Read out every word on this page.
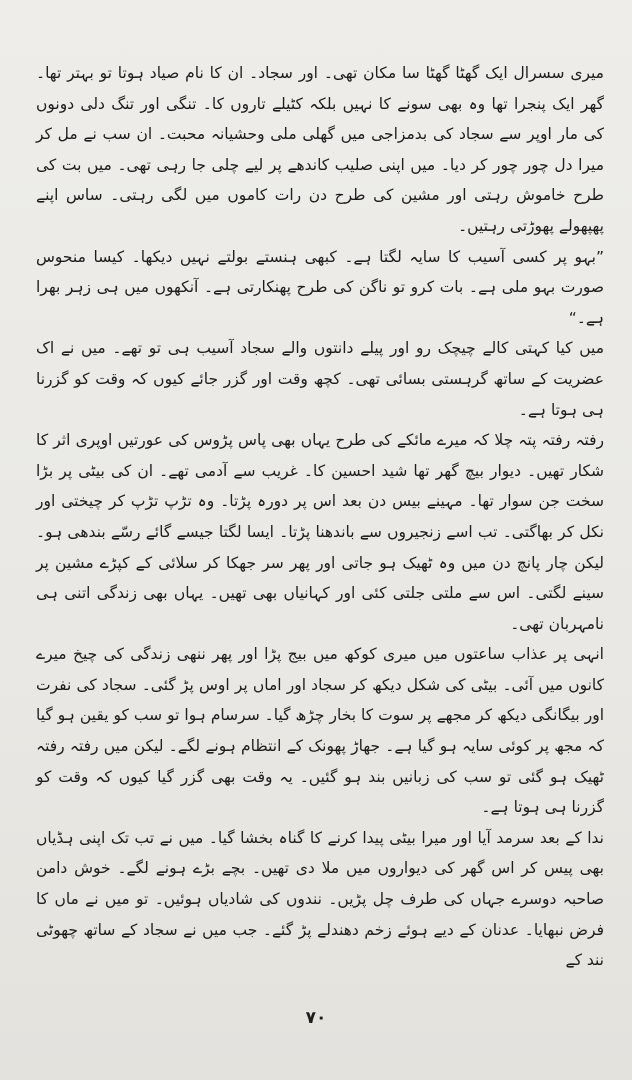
میری سسرال ایک گھٹا گھٹا سا مکان تھی۔ اور سجاد۔ ان کا نام صیاد ہوتا تو بہتر تھا۔ گھر ایک پنجرا تھا وہ بھی سونے کا نہیں بلکہ کٹیلے تاروں کا۔ تنگی اور تنگ دلی دونوں کی مار اوپر سے سجاد کی بدمزاجی میں گھلی ملی وحشیانہ محبت۔ ان سب نے مل کر میرا دل چور چور کر دیا۔ میں اپنی صلیب کاندھے پر لیے چلی جا رہی تھی۔ میں بت کی طرح خاموش رہتی اور مشین کی طرح دن رات کاموں میں لگی رہتی۔ ساس اپنے پھپھولے پھوڑتی رہتیں۔

”بہو پر کسی آسیب کا سایہ لگتا ہے۔ کبھی ہنستے بولتے نہیں دیکھا۔ کیسا منحوس صورت بہو ملی ہے۔ بات کرو تو ناگن کی طرح پھنکارتی ہے۔ آنکھوں میں ہی زہر بھرا ہے۔“

میں کیا کہتی کالے چیچک رو اور پیلے دانتوں والے سجاد آسیب ہی تو تھے۔ میں نے اک عضریت کے ساتھ گرہستی بسائی تھی۔ کچھ وقت اور گزر جائے کیوں کہ وقت کو گزرنا ہی ہوتا ہے۔

رفتہ رفتہ پتہ چلا کہ میرے مائکے کی طرح یہاں بھی پاس پڑوس کی عورتیں اوپری اثر کا شکار تھیں۔ دیوار بیچ گھر تھا شید احسین کا۔ غریب سے آدمی تھے۔ ان کی بیٹی پر بڑا سخت جن سوار تھا۔ مہینے بیس دن بعد اس پر دورہ پڑتا۔ وہ تڑپ تڑپ کر چیختی اور نکل کر بھاگتی۔ تب اسے زنجیروں سے باندھنا پڑتا۔ ایسا لگتا جیسے گائے رسّے بندھی ہو۔ لیکن چار پانچ دن میں وہ ٹھیک ہو جاتی اور پھر سر جھکا کر سلائی کے کپڑے مشین پر سینے لگتی۔ اس سے ملتی جلتی کئی اور کہانیاں بھی تھیں۔ یہاں بھی زندگی اتنی ہی نامہربان تھی۔

انہی پر عذاب ساعتوں میں میری کوکھ میں بیج پڑا اور پھر ننھی زندگی کی چیخ میرے کانوں میں آئی۔ بیٹی کی شکل دیکھ کر سجاد اور اماں پر اوس پڑ گئی۔ سجاد کی نفرت اور بیگانگی دیکھ کر مجھے پر سوت کا بخار چڑھ گیا۔ سرسام ہوا تو سب کو یقین ہو گیا کہ مجھ پر کوئی سایہ ہو گیا ہے۔ جھاڑ پھونک کے انتظام ہونے لگے۔ لیکن میں رفتہ رفتہ ٹھیک ہو گئی تو سب کی زبانیں بند ہو گئیں۔ یہ وقت بھی گزر گیا کیوں کہ وقت کو گزرنا ہی ہوتا ہے۔

ندا کے بعد سرمد آیا اور میرا بیٹی پیدا کرنے کا گناہ بخشا گیا۔ میں نے تب تک اپنی ہڈیاں بھی پیس کر اس گھر کی دیواروں میں ملا دی تھیں۔ بچے بڑے ہونے لگے۔ خوش دامن صاحبہ دوسرے جہاں کی طرف چل پڑیں۔ نندوں کی شادیاں ہوئیں۔ تو میں نے ماں کا فرض نبھایا۔ عدنان کے دیے ہوئے زخم دھندلے پڑ گئے۔ جب میں نے سجاد کے ساتھ چھوٹی نند کے

۷۰
